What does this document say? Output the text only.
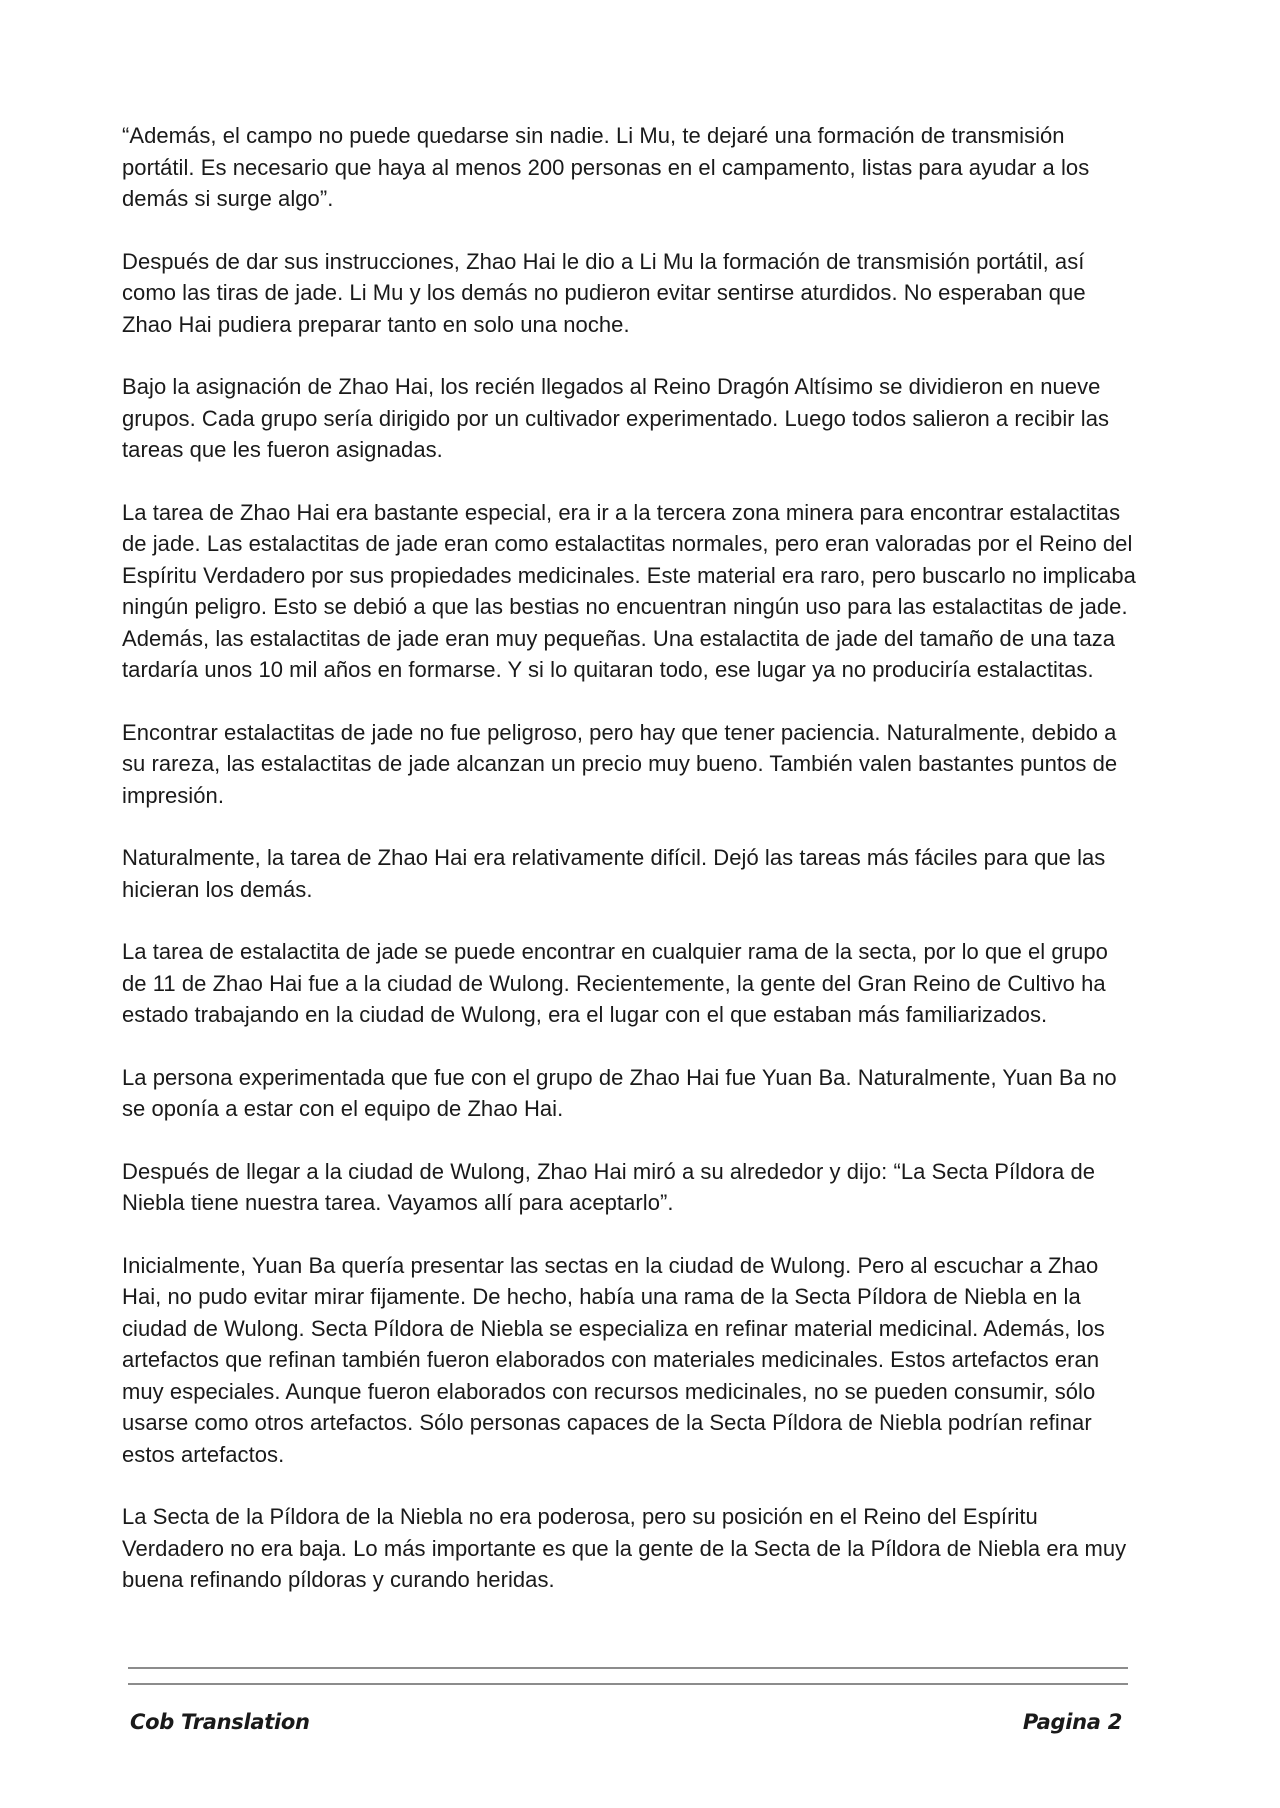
“Además, el campo no puede quedarse sin nadie. Li Mu, te dejaré una formación de transmisión portátil. Es necesario que haya al menos 200 personas en el campamento, listas para ayudar a los demás si surge algo”.

Después de dar sus instrucciones, Zhao Hai le dio a Li Mu la formación de transmisión portátil, así como las tiras de jade. Li Mu y los demás no pudieron evitar sentirse aturdidos. No esperaban que Zhao Hai pudiera preparar tanto en solo una noche.

Bajo la asignación de Zhao Hai, los recién llegados al Reino Dragón Altísimo se dividieron en nueve grupos. Cada grupo sería dirigido por un cultivador experimentado. Luego todos salieron a recibir las tareas que les fueron asignadas.

La tarea de Zhao Hai era bastante especial, era ir a la tercera zona minera para encontrar estalactitas de jade. Las estalactitas de jade eran como estalactitas normales, pero eran valoradas por el Reino del Espíritu Verdadero por sus propiedades medicinales. Este material era raro, pero buscarlo no implicaba ningún peligro. Esto se debió a que las bestias no encuentran ningún uso para las estalactitas de jade. Además, las estalactitas de jade eran muy pequeñas. Una estalactita de jade del tamaño de una taza tardaría unos 10 mil años en formarse. Y si lo quitaran todo, ese lugar ya no produciría estalactitas.

Encontrar estalactitas de jade no fue peligroso, pero hay que tener paciencia. Naturalmente, debido a su rareza, las estalactitas de jade alcanzan un precio muy bueno. También valen bastantes puntos de impresión.

Naturalmente, la tarea de Zhao Hai era relativamente difícil. Dejó las tareas más fáciles para que las hicieran los demás.

La tarea de estalactita de jade se puede encontrar en cualquier rama de la secta, por lo que el grupo de 11 de Zhao Hai fue a la ciudad de Wulong. Recientemente, la gente del Gran Reino de Cultivo ha estado trabajando en la ciudad de Wulong, era el lugar con el que estaban más familiarizados.

La persona experimentada que fue con el grupo de Zhao Hai fue Yuan Ba. Naturalmente, Yuan Ba no se oponía a estar con el equipo de Zhao Hai.

Después de llegar a la ciudad de Wulong, Zhao Hai miró a su alrededor y dijo: “La Secta Píldora de Niebla tiene nuestra tarea. Vayamos allí para aceptarlo”.

Inicialmente, Yuan Ba quería presentar las sectas en la ciudad de Wulong. Pero al escuchar a Zhao Hai, no pudo evitar mirar fijamente. De hecho, había una rama de la Secta Píldora de Niebla en la ciudad de Wulong. Secta Píldora de Niebla se especializa en refinar material medicinal. Además, los artefactos que refinan también fueron elaborados con materiales medicinales. Estos artefactos eran muy especiales. Aunque fueron elaborados con recursos medicinales, no se pueden consumir, sólo usarse como otros artefactos. Sólo personas capaces de la Secta Píldora de Niebla podrían refinar estos artefactos.

La Secta de la Píldora de la Niebla no era poderosa, pero su posición en el Reino del Espíritu Verdadero no era baja. Lo más importante es que la gente de la Secta de la Píldora de Niebla era muy buena refinando píldoras y curando heridas.

Cob Translation	Pagina 2
